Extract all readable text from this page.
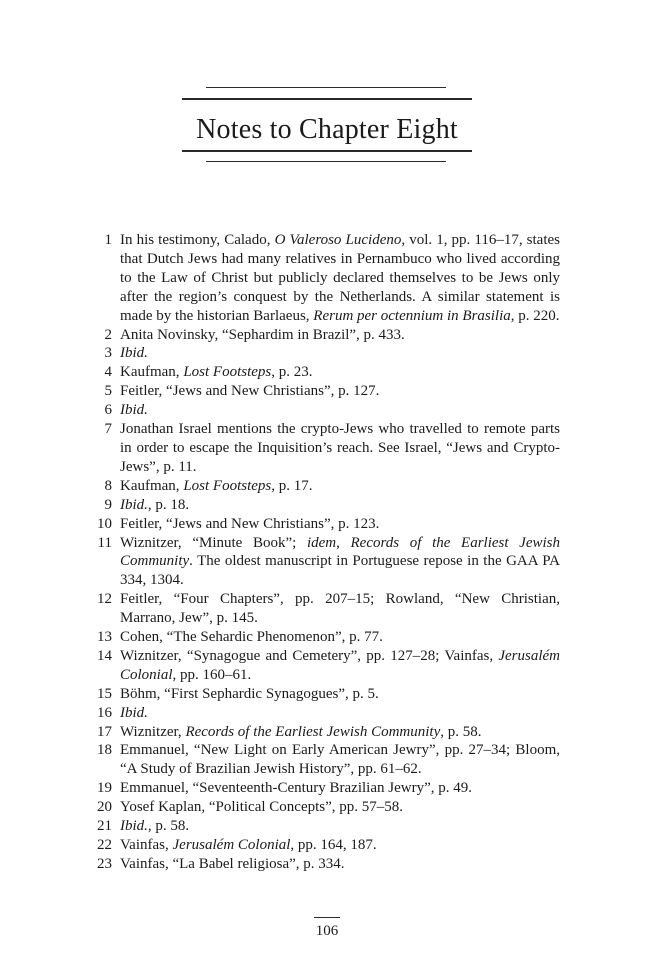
Notes to Chapter Eight
1 In his testimony, Calado, O Valeroso Lucideno, vol. 1, pp. 116–17, states that Dutch Jews had many relatives in Pernambuco who lived according to the Law of Christ but publicly declared themselves to be Jews only after the region’s conquest by the Netherlands. A similar statement is made by the historian Barlaeus, Rerum per octennium in Brasilia, p. 220.
2 Anita Novinsky, “Sephardim in Brazil”, p. 433.
3 Ibid.
4 Kaufman, Lost Footsteps, p. 23.
5 Feitler, “Jews and New Christians”, p. 127.
6 Ibid.
7 Jonathan Israel mentions the crypto-Jews who travelled to remote parts in order to escape the Inquisition’s reach. See Israel, “Jews and Crypto-Jews”, p. 11.
8 Kaufman, Lost Footsteps, p. 17.
9 Ibid., p. 18.
10 Feitler, “Jews and New Christians”, p. 123.
11 Wiznitzer, “Minute Book”; idem, Records of the Earliest Jewish Community. The oldest manuscript in Portuguese repose in the GAA PA 334, 1304.
12 Feitler, “Four Chapters”, pp. 207–15; Rowland, “New Christian, Marrano, Jew”, p. 145.
13 Cohen, “The Sehardic Phenomenon”, p. 77.
14 Wiznitzer, “Synagogue and Cemetery”, pp. 127–28; Vainfas, Jerusalém Colonial, pp. 160–61.
15 Böhm, “First Sephardic Synagogues”, p. 5.
16 Ibid.
17 Wiznitzer, Records of the Earliest Jewish Community, p. 58.
18 Emmanuel, “New Light on Early American Jewry”, pp. 27–34; Bloom, “A Study of Brazilian Jewish History”, pp. 61–62.
19 Emmanuel, “Seventeenth-Century Brazilian Jewry”, p. 49.
20 Yosef Kaplan, “Political Concepts”, pp. 57–58.
21 Ibid., p. 58.
22 Vainfas, Jerusalém Colonial, pp. 164, 187.
23 Vainfas, “La Babel religiosa”, p. 334.
106
